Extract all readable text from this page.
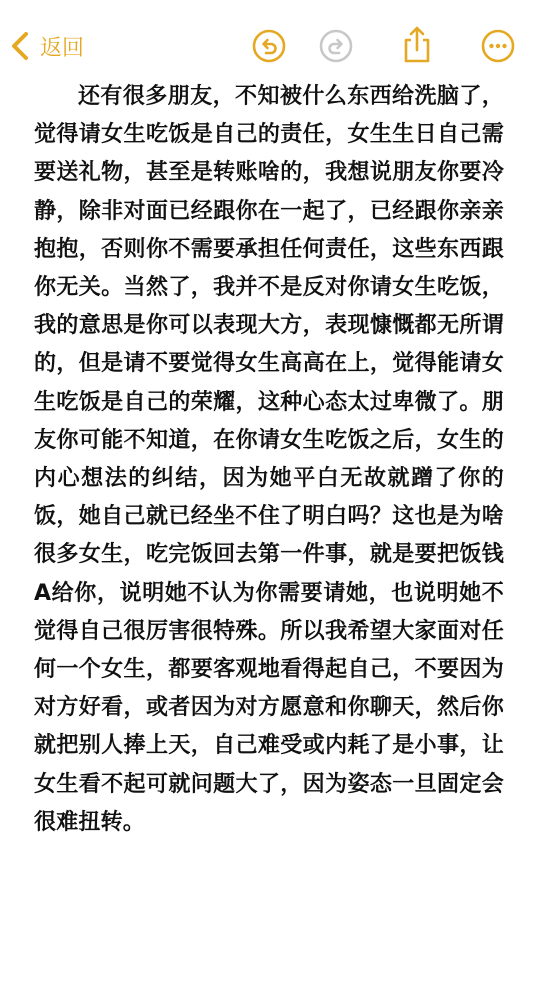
返回

还有很多朋友，不知被什么东西给洗脑了，觉得请女生吃饭是自己的责任，女生生日自己需要送礼物，甚至是转账啥的，我想说朋友你要冷静，除非对面已经跟你在一起了，已经跟你亲亲抱抱，否则你不需要承担任何责任，这些东西跟你无关。当然了，我并不是反对你请女生吃饭，我的意思是你可以表现大方，表现慷慨都无所谓的，但是请不要觉得女生高高在上，觉得能请女生吃饭是自己的荣耀，这种心态太过卑微了。朋友你可能不知道，在你请女生吃饭之后，女生的内心想法的纠结，因为她平白无故就蹭了你的饭，她自己就已经坐不住了明白吗？这也是为啥很多女生，吃完饭回去第一件事，就是要把饭钱A给你，说明她不认为你需要请她，也说明她不觉得自己很厉害很特殊。所以我希望大家面对任何一个女生，都要客观地看得起自己，不要因为对方好看，或者因为对方愿意和你聊天，然后你就把别人捧上天，自己难受或内耗了是小事，让女生看不起可就问题大了，因为姿态一旦固定会很难扭转。
